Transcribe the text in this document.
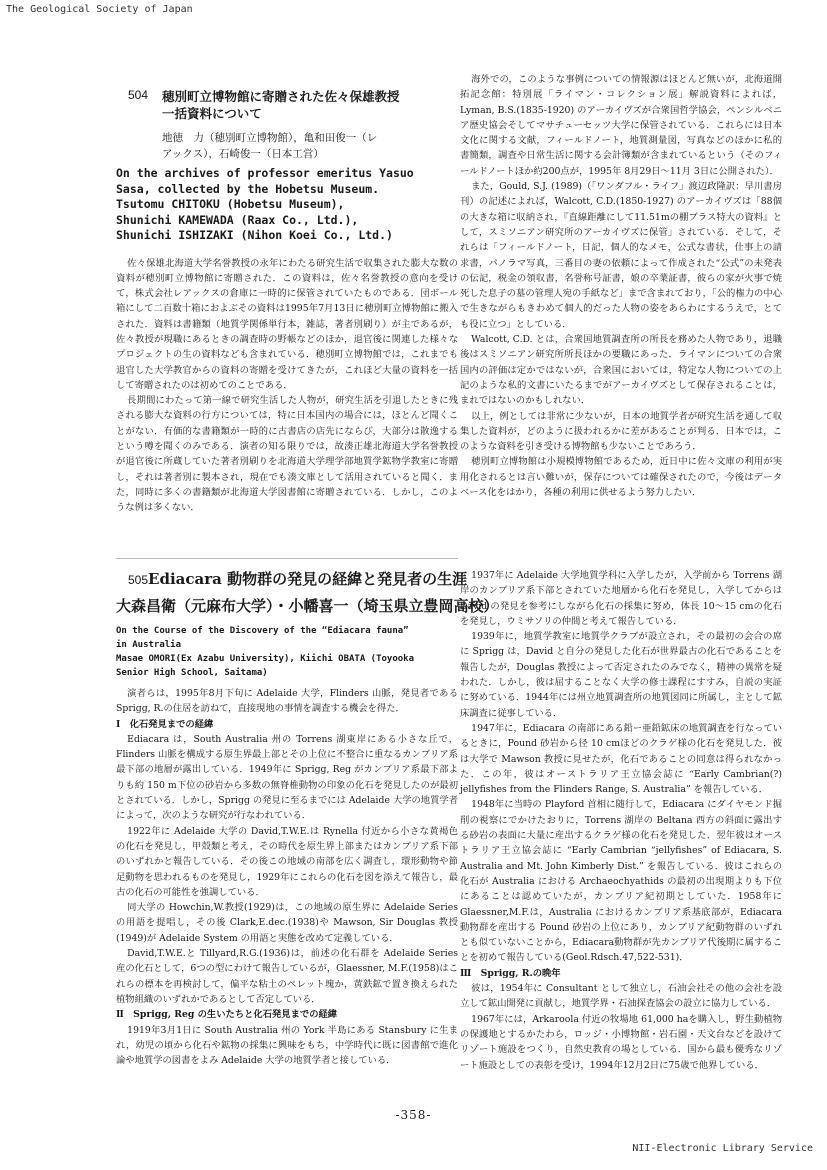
The Geological Society of Japan
504	穂別町立博物館に寄贈された佐々保雄教授
一括資料について
地徳　力（穂別町立博物館），亀和田俊一（レ
アックス），石崎俊一（日本工営）
On the archives of professor emeritus Yasuo
Sasa, collected by the Hobetsu Museum.
Tsutomu CHITOKU (Hobetsu Museum),
Shunichi KAMEWADA (Raax Co., Ltd.),
Shunichi ISHIZAKI (Nihon Koei Co., Ltd.)

佐々保雄北海道大学名誉教授の永年にわたる研究生活で収集された膨大な数の資料が穂別町立博物館に寄贈された．この資料は，佐々名誉教授の意向を受けて，株式会社レアックスの倉庫に一時的に保管されていたものである．団ボール箱にして二百数十箱におよぶその資料は1995年7月13日に穂別町立博物館に搬入された．資料は書籍類（地質学関係単行本，雑誌，著者別刷り）が主であるが，佐々教授が現職にあるときの調査時の野帳などのほか，退官後に関連した様々なプロジェクトの生の資料なども含まれている．穂別町立博物館では，これまでも退官した大学教官からの資料の寄贈を受けてきたが，これほど大量の資料を一括して寄贈されたのは初めてのことである．

長期間にわたって第一線で研究生活した人物が，研究生活を引退したときに残される膨大な資料の行方については，特に日本国内の場合には，ほとんど聞くことがない．有価的な書籍類が一時的に古書店の店先にならび，大部分は散逸するという噂を聞くのみである．演者の知る限りでは，故湊正雄北海道大学名誉教授が退官後に所蔵していた著者別刷りを北海道大学理学部地質学鉱物学教室に寄贈し，それは著者別に製本され，現在でも湊文庫として活用されていると聞く．また，同時に多くの書籍類が北海道大学図書館に寄贈されている．しかし，このような例は多くない．

海外での，このような事例についての情報源はほとんど無いが，北海道開拓記念館：特別展「ライマン・コレクション展」解説資料によれば，Lyman, B.S.(1835-1920) のアーカイヴズが合衆国哲学協会，ペンシルベニア歴史協会そしてマサチューセッツ大学に保管されている．これらには日本文化に関する文献，フィールドノート，地質測量図，写真などのほかに私的書簡類，調査や日常生活に関する会計簿類が含まれているという（そのフィールドノートほか約200点が，1995年 8月29日〜11月 3日に公開された）．

また，Gould, S.J. (1989)（「ワンダフル・ライフ」渡辺政隆訳：早川書房刊）の記述によれば，Walcott, C.D.(1850-1927) のアーカイヴズは「88個の大きな箱に収納され，『直線距離にして11.51mの棚ブラス特大の資料』として，スミソニアン研究所のアーカイヴズに保管」されている．そして，それらは「フィールドノート，日記，個人的なメモ，公式な書状，仕事上の請求書，パノラマ写真，三番目の妻の依頼によって作成された“公式”の未発表の伝記，税金の領収書，名誉称号証書，娘の卒業証書，彼らの家が火事で焼死した息子の墓の管理人宛の手紙など」まで含まれており，「公的権力の中心で生きながらもきわめて個人的だった人物の姿をあらわにするうえで，とても役に立つ」としている．

Walcott, C.D. とは，合衆国地質調査所の所長を務めた人物であり，退職後はスミソニアン研究所所長ほかの要職にあった．ライマンについての合衆国内の評価は定かではないが，合衆国においては，特定な人物についての上記のような私的文書にいたるまでがアーカイヴズとして保存されることは，まれではないのかもしれない．

以上，例としては非常に少ないが，日本の地質学者が研究生活を通して収集した資料が，どのように扱われるかに差があることが判る．日本では，このような資料を引き受ける博物館も少ないことであろう．

穂別町立博物館は小規模博物館であるため，近日中に佐々文庫の利用が実用化されるとは言い難いが，保存については確保されたので，今後はデータベース化をはかり，各種の利用に供せるよう努力したい．

505 Ediacara 動物群の発見の経緯と発見者の生涯
大森昌衛（元麻布大学）・小幡喜一（埼玉県立豊岡高校）
On the Course of the Discovery of the “Ediacara fauna”
in Australia
Masae OMORI(Ex Azabu University), Kiichi OBATA (Toyooka
Senior High School, Saitama)

演者らは，1995年8月下旬に Adelaide 大学，Flinders 山脈，発見者である Sprigg, R.の住居を訪ねて，直接現地の事情を調査する機会を得た．

Ⅰ　化石発見までの経緯

Ediacara は，South Australia 州の Torrens 湖東岸にある小さな丘で，Flinders 山脈を構成する原生界最上部とその上位に不整合に重なるカンブリア系最下部の地層が露出している．1949年に Sprigg, Reg がカンブリア系最下部よりも約 150 m下位の砂岩から多数の無脊椎動物の印象の化石を発見したのが最初とされている．しかし，Sprigg の発見に至るまでには Adelaide 大学の地質学者によって，次のような研究が行なわれている．

1922年に Adelaide 大学の David,T.W.E.は Rynella 付近から小さな黄褐色の化石を発見し，甲殻類と考え，その時代を原生界上部またはカンブリア系下部のいずれかと報告している．その後この地域の南部を広く調査し，環形動物や節足動物を思われるものを発見し，1929年にこれらの化石を図を添えて報告し，最古の化石の可能性を強調している．

同大学の Howchin,W.教授(1929)は，この地域の原生界に Adelaide Series の用語を提唱し，その後 Clark,E.dec.(1938)や Mawson, Sir Douglas 教授(1949)が Adelaide System の用語と実態を改めて定義している．

David,T.W.E.と Tillyard,R.G.(1936)は，前述の化石群を Adelaide Series 産の化石として，6つの型にわけて報告しているが，Glaessner, M.F.(1958)はこれらの標本を再検討して，偏平な粘土のペレット塊か，黄鉄鉱で置き換えられた植物組織のいずれかであるとして否定している．

Ⅱ　Sprigg, Reg の生いたちと化石発見までの経緯

1919年3月1日に South Australia 州の York 半島にある Stansbury に生まれ，幼児の頃から化石や鉱物の採集に興味をもち，中学時代に既に図書館で進化論や地質学の図書をよみ Adelaide 大学の地質学者と接している．

1937年に Adelaide 大学地質学科に入学したが，入学前から Torrens 湖岸のカンブリア系下部とされていた地層から化石を発見し，入学してからは David の発見を参考にしながら化石の採集に努め，体長 10〜15 cmの化石を発見し，ウミサソリの仲間と考えて報告している．

1939年に，地質学教室に地質学クラブが設立され，その最初の会合の席に Sprigg は，David と自分の発見した化石が世界最古の化石であることを報告したが，Douglas 教授によって否定されたのみでなく，精神の異常を疑われた．しかし，彼は屈することなく大学の修士課程にすすみ，自説の実証に努めている．1944年には州立地質調査所の地質図同に所属し，主として鉱床調査に従事している．

1947年に，Ediacara の南部にある鉛ー亜鉛鉱床の地質調査を行なっているときに，Pound 砂岩から径 10 cmほどのクラゲ様の化石を発見した．彼は大学で Mawson 教授に見せたが，化石であることの同意は得られなかった．この年，彼はオーストラリア王立協会誌に “Early Cambrian(?) jellyfishes from the Flinders Range, S. Australia” を報告している．

1948年に当時の Playford 首相に随行して，Ediacara にダイヤモンド掘削の視察にでかけたおりに，Torrens 湖岸の Beltana 西方の斜面に露出する砂岩の表面に大量に産出するクラゲ様の化石を発見した．翌年彼はオーストラリア王立協会誌に “Early Cambrian “jellyfishes” of Ediacara, S. Australia and Mt. John Kimberly Dist.” を報告している．彼はこれらの化石が Australia における Archaeochyathids の最初の出現期よりも下位にあることは認めていたが，カンブリア紀初期としていた．1958年に Glaessner,M.F.は，Australia におけるカンブリア系基底部が，Ediacara 動物群を産出する Pound 砂岩の上位にあり，カンブリア紀動物群のいずれとも似ていないことから，Ediacara動物群が先カンブリア代後期に属することを初めて報告している(Geol.Rdsch.47,522-531)．

Ⅲ　Sprigg, R.の晩年

彼は，1954年に Consultant として独立し，石油会社その他の会社を設立して鉱山開発に貢献し，地質学界・石油探査協会の設立に協力している．

1967年には，Arkaroola 付近の牧場地 61,000 haを購入し，野生動植物の保護地とするかたわら，ロッジ・小博物館・岩石園・天文台などを設けてリゾート施設をつくり，自然史教育の場としている．国から最も優秀なリゾート施設としての表彰を受け，1994年12月2日に75歳で他界している．

-358-
NII-Electronic Library Service
